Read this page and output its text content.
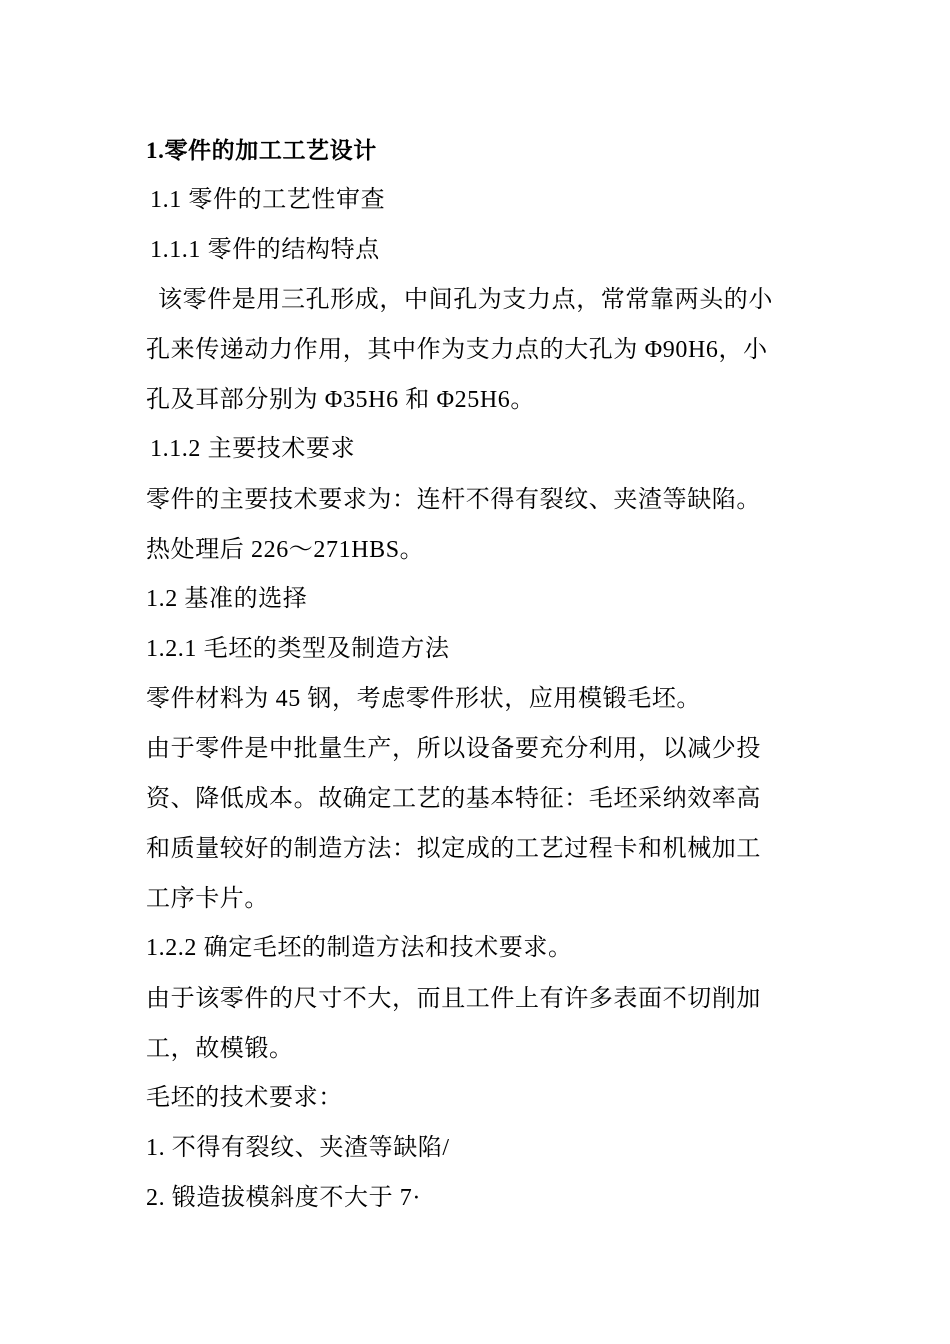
1.零件的加工工艺设计
1.1 零件的工艺性审查
1.1.1 零件的结构特点
该零件是用三孔形成，中间孔为支力点，常常靠两头的小
孔来传递动力作用，其中作为支力点的大孔为 Φ90H6，小
孔及耳部分别为 Φ35H6 和 Φ25H6。
1.1.2 主要技术要求
零件的主要技术要求为：连杆不得有裂纹、夹渣等缺陷。
热处理后 226～271HBS。
1.2 基准的选择
1.2.1 毛坯的类型及制造方法
零件材料为 45 钢，考虑零件形状，应用模锻毛坯。
由于零件是中批量生产，所以设备要充分利用，以减少投
资、降低成本。故确定工艺的基本特征：毛坯采纳效率高
和质量较好的制造方法：拟定成的工艺过程卡和机械加工
工序卡片。
1.2.2 确定毛坯的制造方法和技术要求。
由于该零件的尺寸不大，而且工件上有许多表面不切削加
工，故模锻。
毛坯的技术要求：
1. 不得有裂纹、夹渣等缺陷/
2. 锻造拔模斜度不大于 7·
